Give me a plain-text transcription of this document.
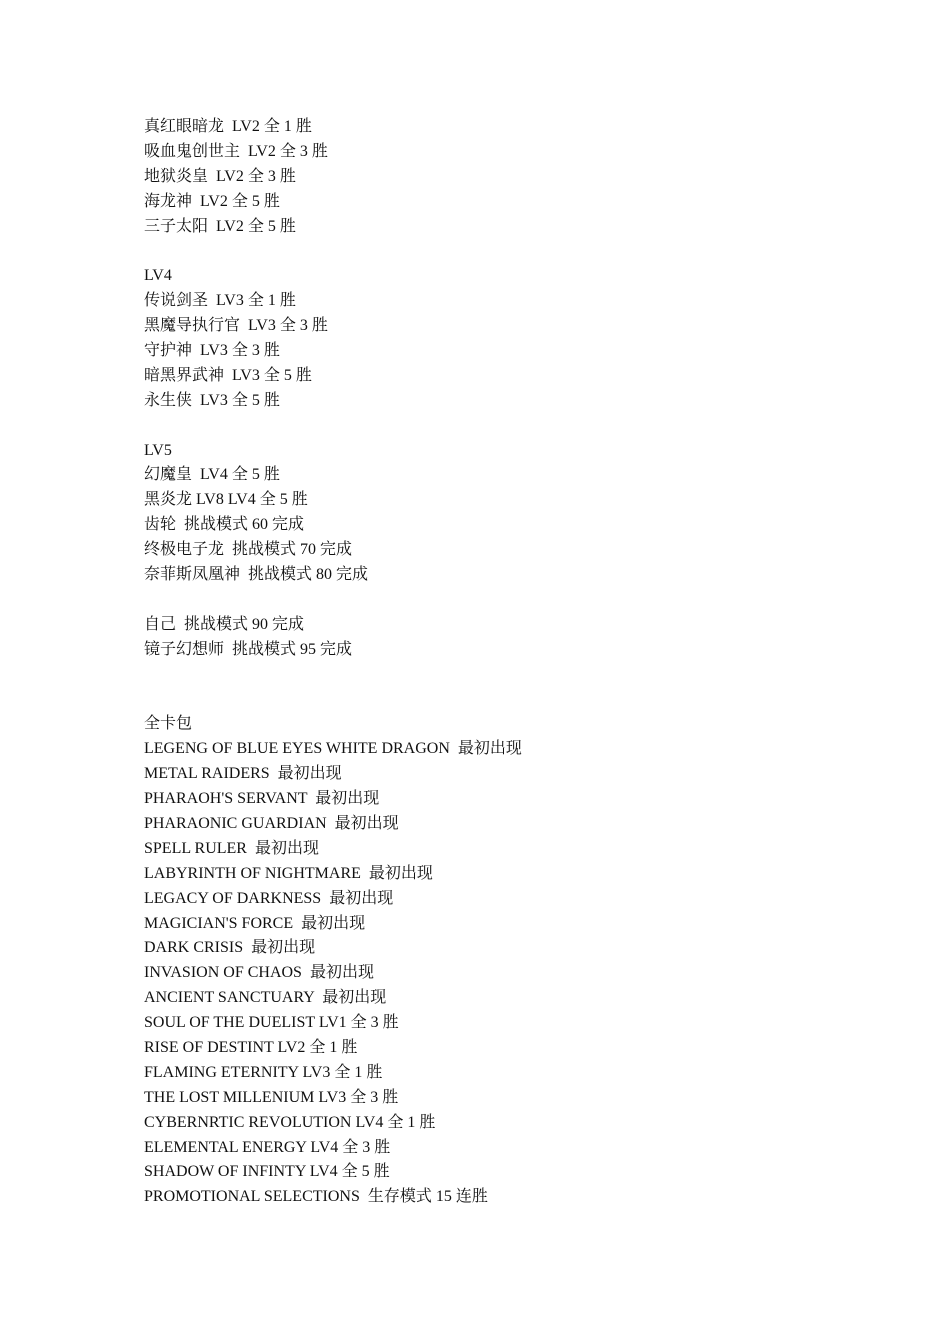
真红眼暗龙  LV2 全 1 胜
吸血鬼创世主  LV2 全 3 胜
地狱炎皇  LV2 全 3 胜
海龙神  LV2 全 5 胜
三子太阳  LV2 全 5 胜
LV4
传说剑圣  LV3 全 1 胜
黑魔导执行官  LV3 全 3 胜
守护神  LV3 全 3 胜
暗黑界武神  LV3 全 5 胜
永生侠  LV3 全 5 胜
LV5
幻魔皇  LV4 全 5 胜
黑炎龙 LV8 LV4 全 5 胜
齿轮  挑战模式 60 完成
终极电子龙  挑战模式 70 完成
奈菲斯凤凰神  挑战模式 80 完成
自己  挑战模式 90 完成
镜子幻想师  挑战模式 95 完成
全卡包
LEGENG OF BLUE EYES WHITE DRAGON  最初出现
METAL RAIDERS  最初出现
PHARAOH'S SERVANT  最初出现
PHARAONIC GUARDIAN  最初出现
SPELL RULER  最初出现
LABYRINTH OF NIGHTMARE  最初出现
LEGACY OF DARKNESS  最初出现
MAGICIAN'S FORCE  最初出现
DARK CRISIS  最初出现
INVASION OF CHAOS  最初出现
ANCIENT SANCTUARY  最初出现
SOUL OF THE DUELIST LV1 全 3 胜
RISE OF DESTINT LV2 全 1 胜
FLAMING ETERNITY LV3 全 1 胜
THE LOST MILLENIUM LV3 全 3 胜
CYBERNRTIC REVOLUTION LV4 全 1 胜
ELEMENTAL ENERGY LV4 全 3 胜
SHADOW OF INFINTY LV4 全 5 胜
PROMOTIONAL SELECTIONS  生存模式 15 连胜
